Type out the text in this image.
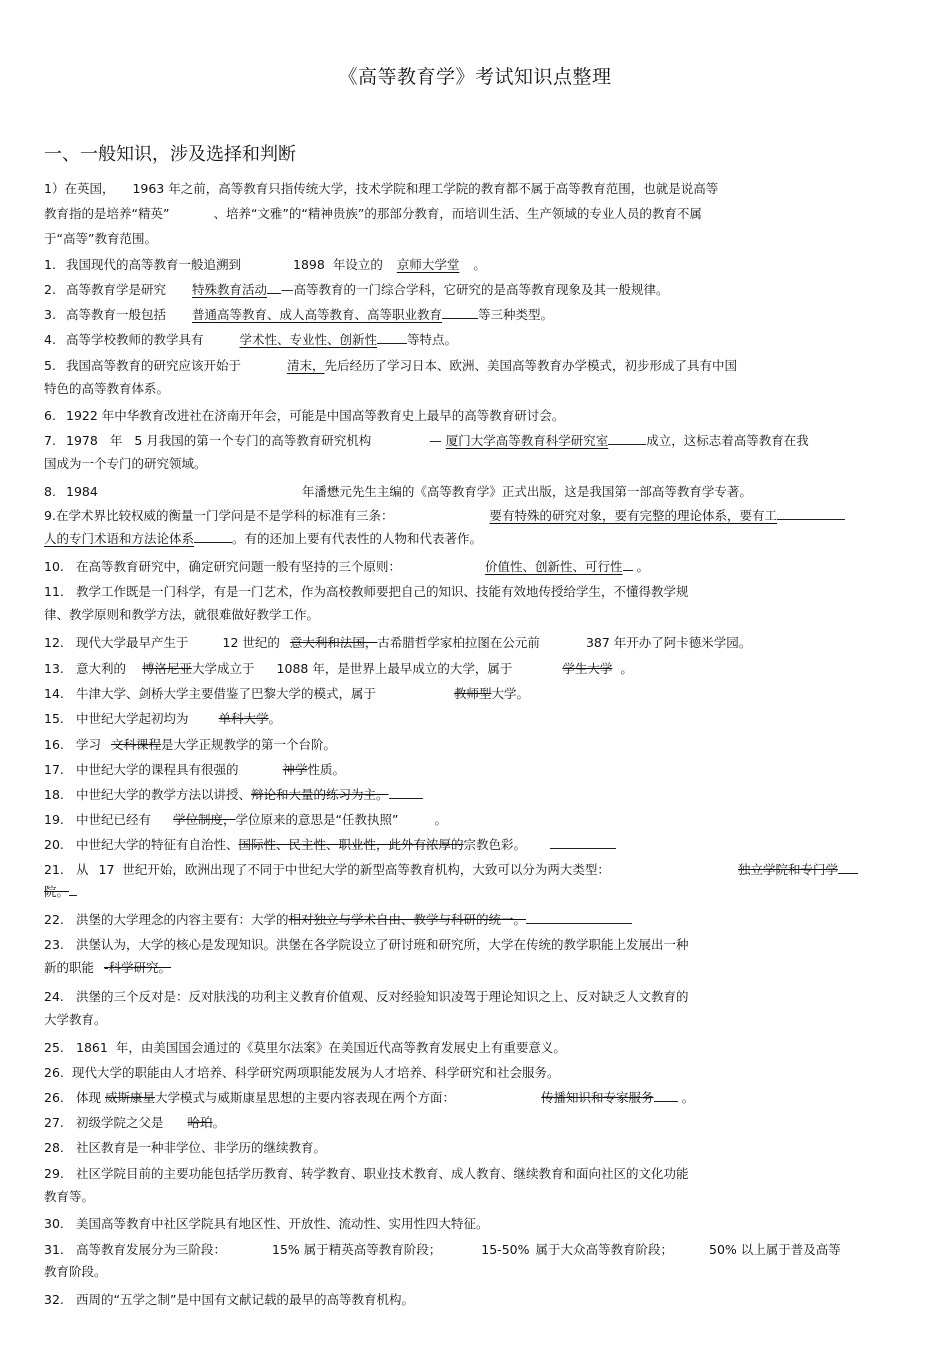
《高等教育学》考试知识点整理
一、一般知识，涉及选择和判断
1）在英国， 1963 年之前，高等教育只指传统大学，技术学院和理工学院的教育都不属于高等教育范围，也就是说高等
教育指的是培养“精英”	、培养“文雅”的“精神贵族”的那部分教育，而培训生活、生产领域的专业人员的教育不属
于“高等”教育范围。
1. 我国现代的高等教育一般追溯到	1898 年设立的 京师大学堂 。
2. 高等教育学是研究 特殊教育活动 —高等教育的一门综合学科，它研究的是高等教育现象及其一般规律。
3. 高等教育一般包括 普通高等教育、成人高等教育、高等职业教育	等三种类型。
4. 高等学校教师的教学具有	学术性、专业性、创新性 等特点。
5. 我国高等教育的研究应该开始于	清末，先后经历了学习日本、欧洲、美国高等教育办学模式，初步形成了具有中国
特色的高等教育体系。
6. 1922 年中华教育改进社在济南开年会，可能是中国高等教育史上最早的高等教育研讨会。
7. 1978 年 5 月我国的第一个专门的高等教育研究机构	— 厦门大学高等教育科学研究室	成立，这标志着高等教育在我
国成为一个专门的研究领域。
8. 1984	年潘懋元先生主编的《高等教育学》正式出版，这是我国第一部高等教育学专著。
9.在学术界比较权威的衡量一门学问是不是学科的标准有三条：	要有特殊的研究对象，要有完整的理论体系，要有工
人的专门术语和方法论体系	。有的还加上要有代表性的人物和代表著作。
10. 在高等教育研究中，确定研究问题一般有坚持的三个原则：	价值性、创新性、可行性 。
11. 教学工作既是一门科学，有是一门艺术，作为高校教师要把自己的知识、技能有效地传授给学生，不懂得教学规
律、教学原则和教学方法，就很难做好教学工作。
12. 现代大学最早产生于	12 世纪的 意大利和法国，古希腊哲学家柏拉图在公元前	387 年开办了阿卡德米学园。
13. 意大利的 博洛尼亚大学成立于 1088 年，是世界上最早成立的大学，属于	学生大学 。
14. 牛津大学、剑桥大学主要借鉴了巴黎大学的模式，属于	教师型大学。
15. 中世纪大学起初均为 单科大学。
16. 学习 文科课程是大学正规教学的第一个台阶。
17. 中世纪大学的课程具有很强的	神学性质。
18. 中世纪大学的教学方法以讲授、辩论和大量的练习为主。
19. 中世纪已经有 学位制度，学位原来的意思是“任教执照”	。
20. 中世纪大学的特征有自治性、国际性、民主性、职业性，此外有浓厚的宗教色彩。
21. 从 17 世纪开始，欧洲出现了不同于中世纪大学的新型高等教育机构，大致可以分为两大类型：	独立学院和专门学
院。
22. 洪堡的大学理念的内容主要有：大学的相对独立与学术自由、教学与科研的统一。
23. 洪堡认为，大学的核心是发现知识。洪堡在各学院设立了研讨班和研究所，大学在传统的教学职能上发展出一种
新的职能 -科学研究。
24. 洪堡的三个反对是：反对肤浅的功利主义教育价值观、反对经验知识凌驾于理论知识之上、反对缺乏人文教育的
大学教育。
25. 1861 年，由美国国会通过的《莫里尔法案》在美国近代高等教育发展史上有重要意义。
26. 现代大学的职能由人才培养、科学研究两项职能发展为人才培养、科学研究和社会服务。
26. 体现 威斯康星大学模式与威斯康星思想的主要内容表现在两个方面：	传播知识和专家服务 。
27. 初级学院之父是 哈珀。
28. 社区教育是一种非学位、非学历的继续教育。
29. 社区学院目前的主要功能包括学历教育、转学教育、职业技术教育、成人教育、继续教育和面向社区的文化功能
教育等。
30. 美国高等教育中社区学院具有地区性、开放性、流动性、实用性四大特征。
31. 高等教育发展分为三阶段：	15% 属于精英高等教育阶段；	15-50% 属于大众高等教育阶段；	50% 以上属于普及高等
教育阶段。
32. 西周的“五学之制”是中国有文献记载的最早的高等教育机构。
